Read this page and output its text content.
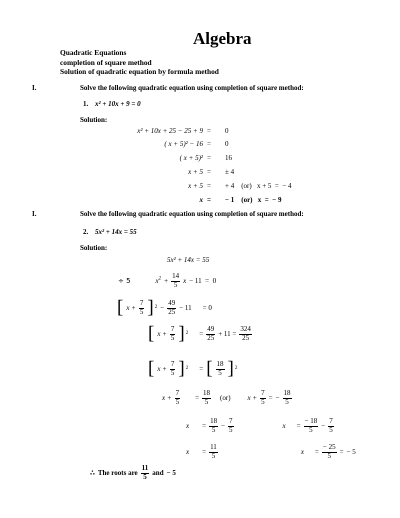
Algebra
Quadratic Equations
completion of square method
Solution of quadratic equation by formula method
I.	Solve the following quadratic equation using completion of square method:
1. x² + 10x + 9 = 0
Solution:
x² + 10x + 25 − 25 + 9 = 0
( x + 5)² − 16 = 0
( x + 5)² = 16
x + 5 = ± 4
x + 5 = + 4    (or)   x + 5  =  − 4
x = − 1    (or)   x  =  − 9
I.	Solve the following quadratic equation using completion of square method:
2. 5x² + 14x = 55
Solution:
5x² + 14x = 55
÷ 5	$x^2 + \frac{14}{5}$ x − 11  =  0
[ $x + \frac{7}{5}$ ] $2 - \frac{49}{25} - 11 = 0$
[ $x + \frac{7}{5}$ ] $2 = \frac{49}{25} + 11 = \frac{324}{25}$
[ $x + \frac{7}{5}$ ] 2 = [ $\frac{18}{5}$ ] 2
$x + \frac{7}{5} = \frac{18}{5} (or) x + \frac{7}{5}$ = − $\frac{18}{5}$
$x = \frac{18}{5} - \frac{7}{5}$	$x = \frac{- 18}{5} - \frac{7}{5}$
$x = \frac{11}{5}$	$x = \frac{- 25}{5}$ = − 5
∴ The roots are $\frac{11}{5}$ and − 5
